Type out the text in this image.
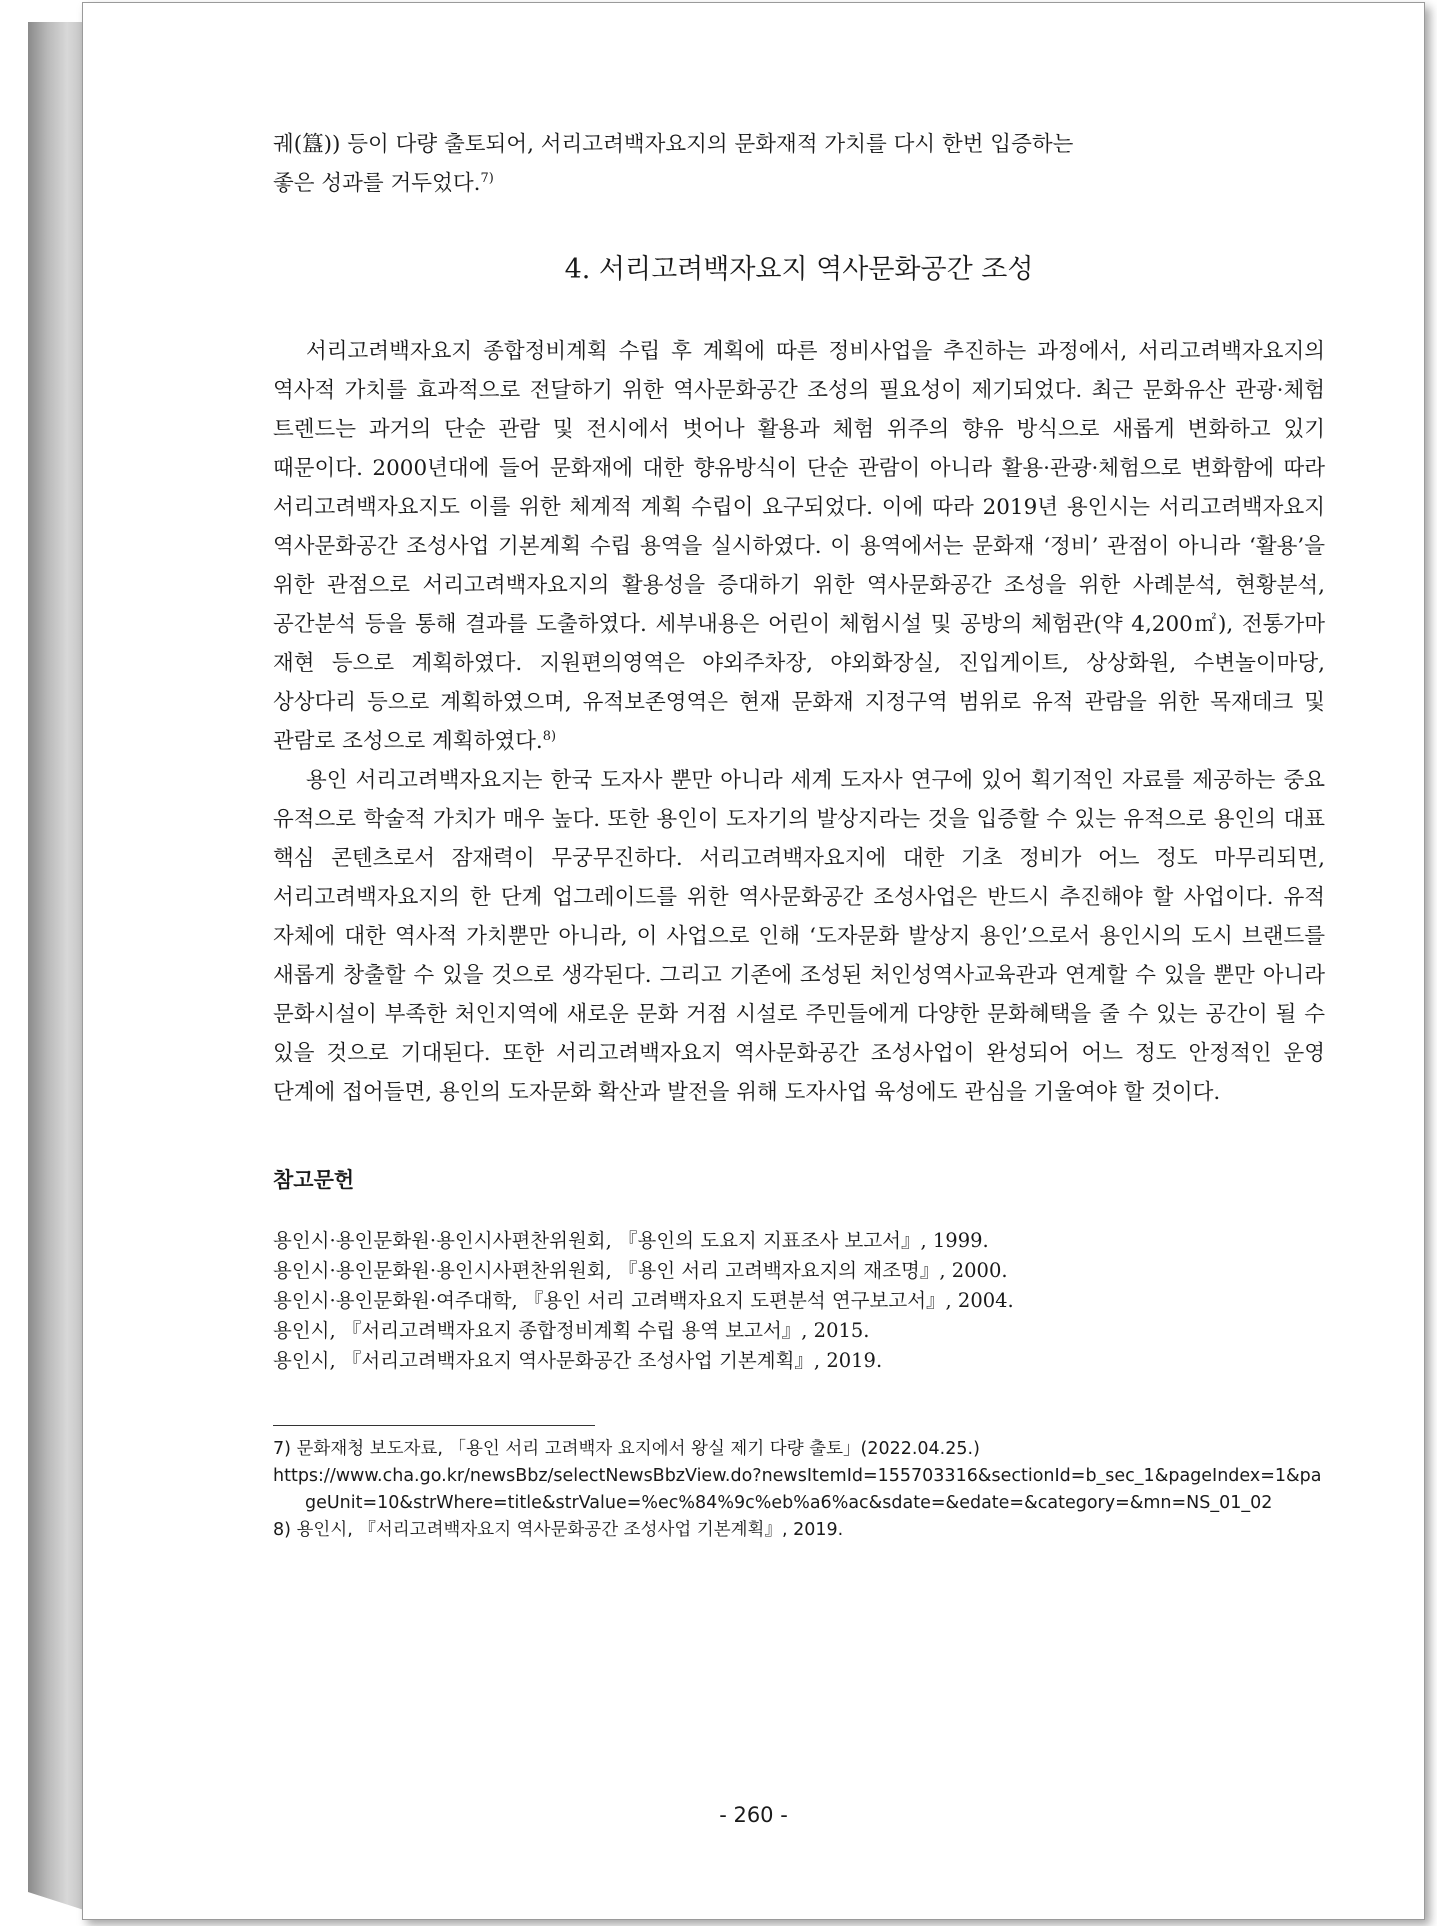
궤(簋)) 등이 다량 출토되어, 서리고려백자요지의 문화재적 가치를 다시 한번 입증하는

좋은 성과를 거두었다.$^{7)}$

4. 서리고려백자요지 역사문화공간 조성

서리고려백자요지 종합정비계획 수립 후 계획에 따른 정비사업을 추진하는 과정에서, 서리고려백자요지의 역사적 가치를 효과적으로 전달하기 위한 역사문화공간 조성의 필요성이 제기되었다. 최근 문화유산 관광·체험 트렌드는 과거의 단순 관람 및 전시에서 벗어나 활용과 체험 위주의 향유 방식으로 새롭게 변화하고 있기 때문이다. 2000년대에 들어 문화재에 대한 향유방식이 단순 관람이 아니라 활용·관광·체험으로 변화함에 따라 서리고려백자요지도 이를 위한 체계적 계획 수립이 요구되었다. 이에 따라 2019년 용인시는 서리고려백자요지 역사문화공간 조성사업 기본계획 수립 용역을 실시하였다. 이 용역에서는 문화재 ‘정비’ 관점이 아니라 ‘활용’을 위한 관점으로 서리고려백자요지의 활용성을 증대하기 위한 역사문화공간 조성을 위한 사례분석, 현황분석, 공간분석 등을 통해 결과를 도출하였다. 세부내용은 어린이 체험시설 및 공방의 체험관(약 4,200㎡), 전통가마 재현 등으로 계획하였다. 지원편의영역은 야외주차장, 야외화장실, 진입게이트, 상상화원, 수변놀이마당, 상상다리 등으로 계획하였으며, 유적보존영역은 현재 문화재 지정구역 범위로 유적 관람을 위한 목재데크 및 관람로 조성으로 계획하였다.$^{8)}$

용인 서리고려백자요지는 한국 도자사 뿐만 아니라 세계 도자사 연구에 있어 획기적인 자료를 제공하는 중요 유적으로 학술적 가치가 매우 높다. 또한 용인이 도자기의 발상지라는 것을 입증할 수 있는 유적으로 용인의 대표 핵심 콘텐츠로서 잠재력이 무궁무진하다. 서리고려백자요지에 대한 기초 정비가 어느 정도 마무리되면, 서리고려백자요지의 한 단계 업그레이드를 위한 역사문화공간 조성사업은 반드시 추진해야 할 사업이다. 유적 자체에 대한 역사적 가치뿐만 아니라, 이 사업으로 인해 ‘도자문화 발상지 용인’으로서 용인시의 도시 브랜드를 새롭게 창출할 수 있을 것으로 생각된다. 그리고 기존에 조성된 처인성역사교육관과 연계할 수 있을 뿐만 아니라 문화시설이 부족한 처인지역에 새로운 문화 거점 시설로 주민들에게 다양한 문화혜택을 줄 수 있는 공간이 될 수 있을 것으로 기대된다. 또한 서리고려백자요지 역사문화공간 조성사업이 완성되어 어느 정도 안정적인 운영 단계에 접어들면, 용인의 도자문화 확산과 발전을 위해 도자사업 육성에도 관심을 기울여야 할 것이다.

참고문헌

용인시·용인문화원·용인시사편찬위원회, 『용인의 도요지 지표조사 보고서』, 1999.

용인시·용인문화원·용인시사편찬위원회, 『용인 서리 고려백자요지의 재조명』, 2000.

용인시·용인문화원·여주대학, 『용인 서리 고려백자요지 도편분석 연구보고서』, 2004.

용인시, 『서리고려백자요지 종합정비계획 수립 용역 보고서』, 2015.

용인시, 『서리고려백자요지 역사문화공간 조성사업 기본계획』, 2019.

7) 문화재청 보도자료, 「용인 서리 고려백자 요지에서 왕실 제기 다량 출토」(2022.04.25.)

https://www.cha.go.kr/newsBbz/selectNewsBbzView.do?newsItemId=155703316&sectionId=b_sec_1&pageIndex=1&pageUnit=10&strWhere=title&strValue=%ec%84%9c%eb%a6%ac&sdate=&edate=&category=&mn=NS_01_02

8) 용인시, 『서리고려백자요지 역사문화공간 조성사업 기본계획』, 2019.

- 260 -
